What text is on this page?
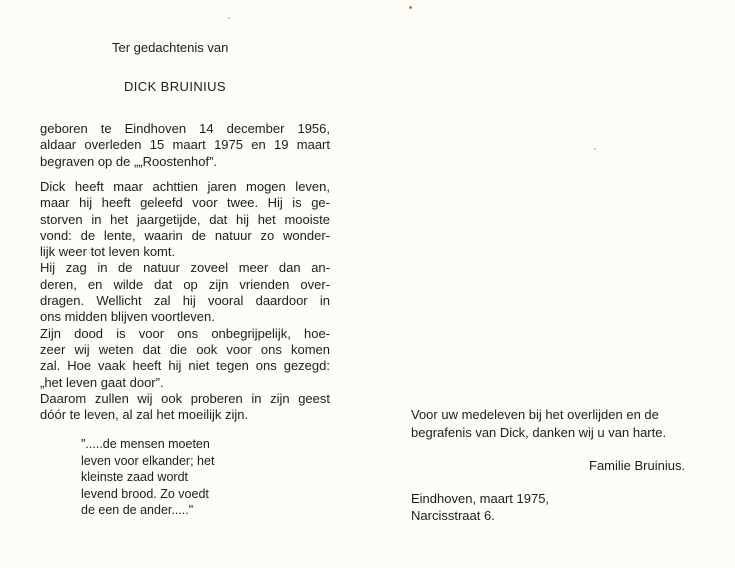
Ter gedachtenis van
DICK BRUINIUS
geboren te Eindhoven 14 december 1956,
aldaar overleden 15 maart 1975 en 19 maart
begraven op de „„Roostenhof”.
Dick heeft maar achttien jaren mogen leven,
maar hij heeft geleefd voor twee. Hij is ge-
storven in het jaargetijde, dat hij het mooiste
vond: de lente, waarin de natuur zo wonder-
lijk weer tot leven komt.
Hij zag in de natuur zoveel meer dan an-
deren, en wilde dat op zijn vrienden over-
dragen. Wellicht zal hij vooral daardoor in
ons midden blijven voortleven.
Zijn dood is voor ons onbegrijpelijk, hoe-
zeer wij weten dat die ook voor ons komen
zal. Hoe vaak heeft hij niet tegen ons gezegd:
„het leven gaat door”.
Daarom zullen wij ook proberen in zijn geest
dóór te leven, al zal het moeilijk zijn.
".....de mensen moeten
leven voor elkander; het
kleinste zaad wordt
levend brood. Zo voedt
de een de ander....."
Voor uw medeleven bij het overlijden en de
begrafenis van Dick, danken wij u van harte.
Familie Bruinius.
Eindhoven, maart 1975,
Narcisstraat 6.
